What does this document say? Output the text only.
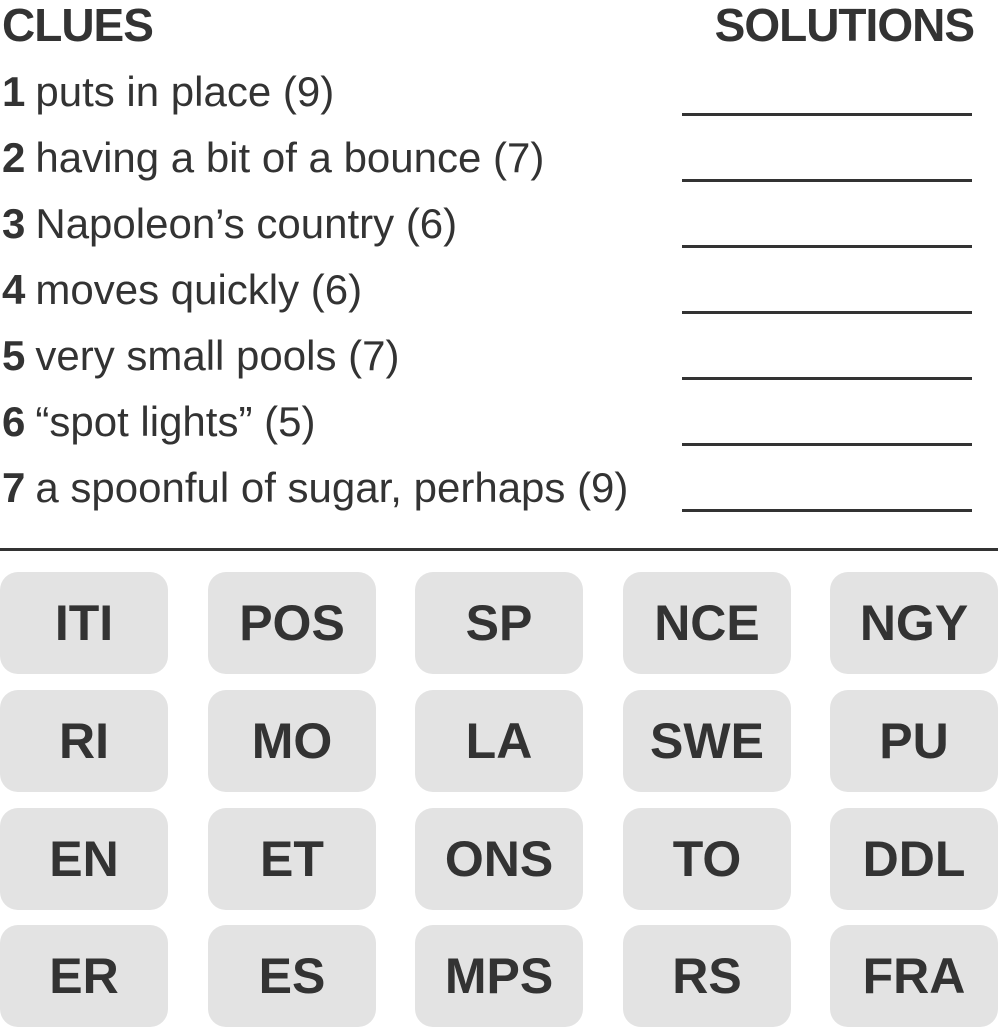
CLUES	SOLUTIONS
1 puts in place (9)
2 having a bit of a bounce (7)
3 Napoleon’s country (6)
4 moves quickly (6)
5 very small pools (7)
6 “spot lights” (5)
7 a spoonful of sugar, perhaps (9)
ITI	POS	SP	NCE	NGY
RI	MO	LA	SWE	PU
EN	ET	ONS	TO	DDL
ER	ES	MPS	RS	FRA
